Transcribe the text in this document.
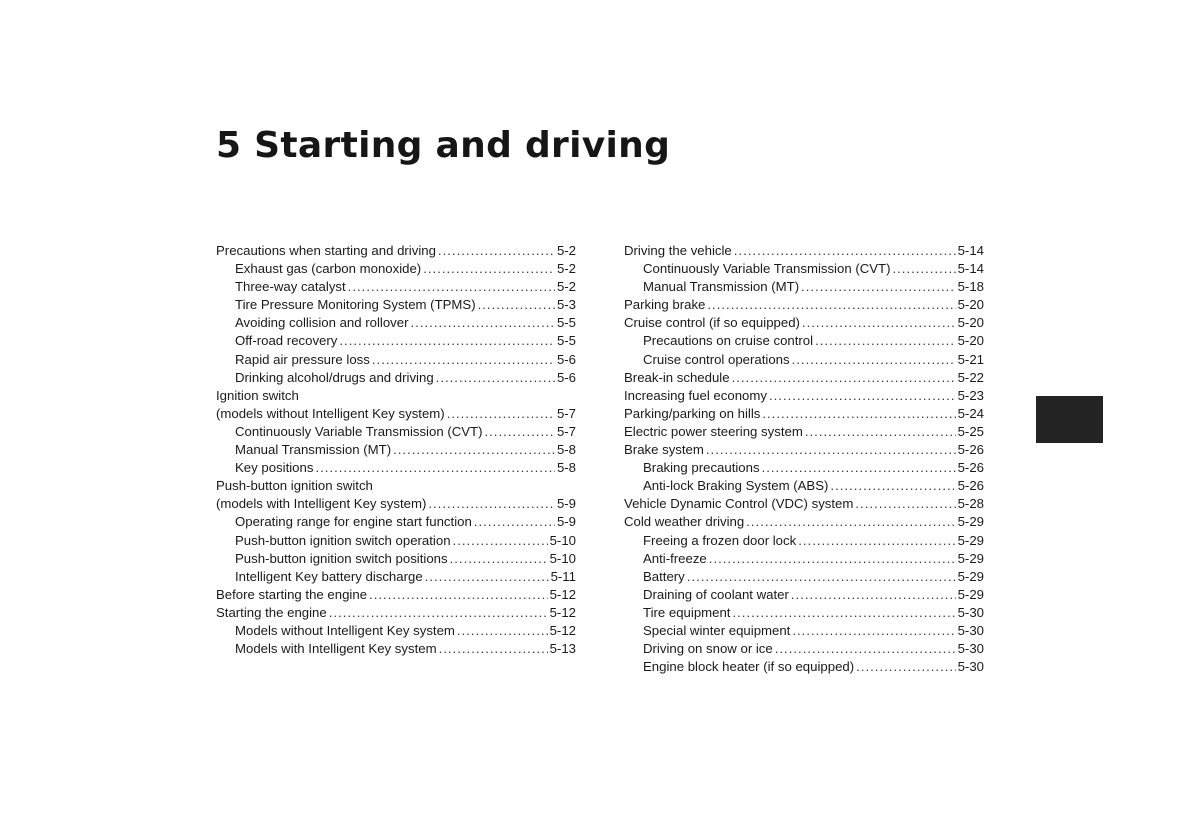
5 Starting and driving
Precautions when starting and driving .....	5-2
Exhaust gas (carbon monoxide) .....	5-2
Three-way catalyst .....	5-2
Tire Pressure Monitoring System (TPMS) .....	5-3
Avoiding collision and rollover .....	5-5
Off-road recovery .....	5-5
Rapid air pressure loss .....	5-6
Drinking alcohol/drugs and driving .....	5-6
Ignition switch
(models without Intelligent Key system) .....	5-7
Continuously Variable Transmission (CVT) .....	5-7
Manual Transmission (MT) .....	5-8
Key positions .....	5-8
Push-button ignition switch
(models with Intelligent Key system) .....	5-9
Operating range for engine start function .....	5-9
Push-button ignition switch operation .....	5-10
Push-button ignition switch positions .....	5-10
Intelligent Key battery discharge .....	5-11
Before starting the engine .....	5-12
Starting the engine .....	5-12
Models without Intelligent Key system .....	5-12
Models with Intelligent Key system .....	5-13
Driving the vehicle .....	5-14
Continuously Variable Transmission (CVT) .....	5-14
Manual Transmission (MT) .....	5-18
Parking brake .....	5-20
Cruise control (if so equipped) .....	5-20
Precautions on cruise control .....	5-20
Cruise control operations .....	5-21
Break-in schedule .....	5-22
Increasing fuel economy .....	5-23
Parking/parking on hills .....	5-24
Electric power steering system .....	5-25
Brake system .....	5-26
Braking precautions .....	5-26
Anti-lock Braking System (ABS) .....	5-26
Vehicle Dynamic Control (VDC) system .....	5-28
Cold weather driving .....	5-29
Freeing a frozen door lock .....	5-29
Anti-freeze .....	5-29
Battery .....	5-29
Draining of coolant water .....	5-29
Tire equipment .....	5-30
Special winter equipment .....	5-30
Driving on snow or ice .....	5-30
Engine block heater (if so equipped) .....	5-30
